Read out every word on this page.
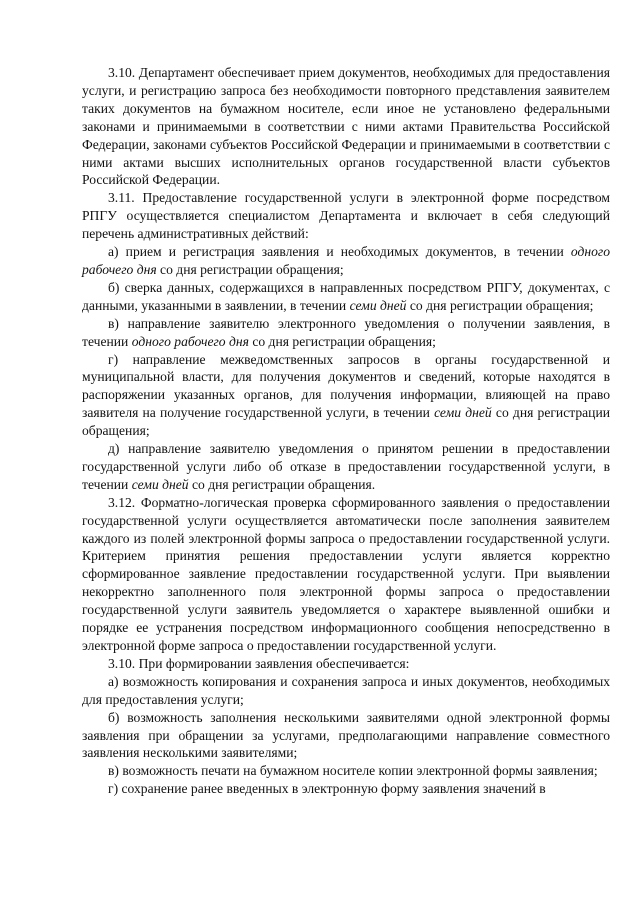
3.10. Департамент обеспечивает прием документов, необходимых для предоставления услуги, и регистрацию запроса без необходимости повторного представления заявителем таких документов на бумажном носителе, если иное не установлено федеральными законами и принимаемыми в соответствии с ними актами Правительства Российской Федерации, законами субъектов Российской Федерации и принимаемыми в соответствии с ними актами высших исполнительных органов государственной власти субъектов Российской Федерации.

3.11. Предоставление государственной услуги в электронной форме посредством РПГУ осуществляется специалистом Департамента и включает в себя следующий перечень административных действий:

а) прием и регистрация заявления и необходимых документов, в течении одного рабочего дня со дня регистрации обращения;

б) сверка данных, содержащихся в направленных посредством РПГУ, документах, с данными, указанными в заявлении, в течении семи дней со дня регистрации обращения;

в) направление заявителю электронного уведомления о получении заявления, в течении одного рабочего дня со дня регистрации обращения;

г) направление межведомственных запросов в органы государственной и муниципальной власти, для получения документов и сведений, которые находятся в распоряжении указанных органов, для получения информации, влияющей на право заявителя на получение государственной услуги, в течении семи дней со дня регистрации обращения;

д) направление заявителю уведомления о принятом решении в предоставлении государственной услуги либо об отказе в предоставлении государственной услуги, в течении семи дней со дня регистрации обращения.

3.12. Форматно-логическая проверка сформированного заявления о предоставлении государственной услуги осуществляется автоматически после заполнения заявителем каждого из полей электронной формы запроса о предоставлении государственной услуги. Критерием принятия решения предоставлении услуги является корректно сформированное заявление предоставлении государственной услуги. При выявлении некорректно заполненного поля электронной формы запроса о предоставлении государственной услуги заявитель уведомляется о характере выявленной ошибки и порядке ее устранения посредством информационного сообщения непосредственно в электронной форме запроса о предоставлении государственной услуги.

3.10. При формировании заявления обеспечивается:

а) возможность копирования и сохранения запроса и иных документов, необходимых для предоставления услуги;

б) возможность заполнения несколькими заявителями одной электронной формы заявления при обращении за услугами, предполагающими направление совместного заявления несколькими заявителями;

в) возможность печати на бумажном носителе копии электронной формы заявления;

г) сохранение ранее введенных в электронную форму заявления значений в
